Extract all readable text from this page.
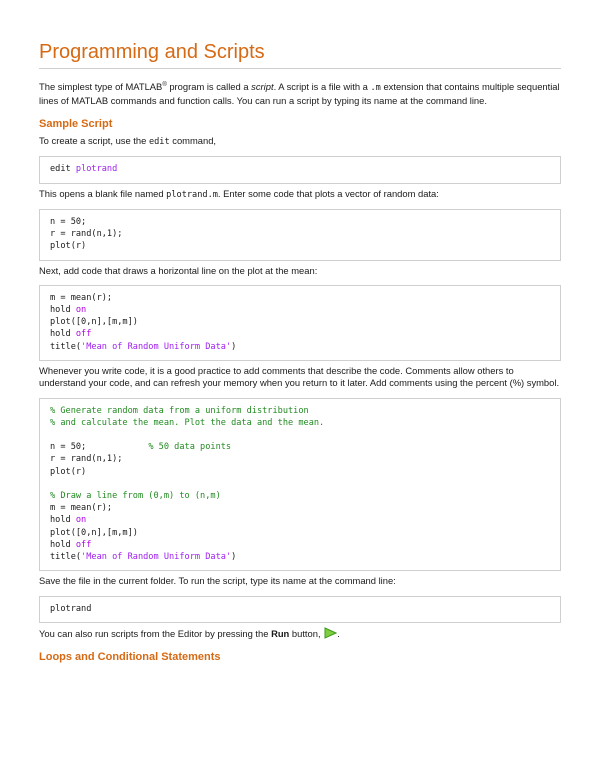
Programming and Scripts

The simplest type of MATLAB® program is called a script. A script is a file with a .m extension that contains multiple sequential lines of MATLAB commands and function calls. You can run a script by typing its name at the command line.

Sample Script

To create a script, use the edit command,

edit plotrand

This opens a blank file named plotrand.m. Enter some code that plots a vector of random data:

n = 50;
r = rand(n,1);
plot(r)

Next, add code that draws a horizontal line on the plot at the mean:

m = mean(r);
hold on
plot([0,n],[m,m])
hold off
title('Mean of Random Uniform Data')

Whenever you write code, it is a good practice to add comments that describe the code. Comments allow others to understand your code, and can refresh your memory when you return to it later. Add comments using the percent (%) symbol.

% Generate random data from a uniform distribution
% and calculate the mean. Plot the data and the mean.
n = 50;            % 50 data points
r = rand(n,1);
plot(r)
% Draw a line from (0,m) to (n,m)
m = mean(r);
hold on
plot([0,n],[m,m])
hold off
title('Mean of Random Uniform Data')

Save the file in the current folder. To run the script, type its name at the command line:

plotrand

You can also run scripts from the Editor by pressing the Run button, .

Loops and Conditional Statements
